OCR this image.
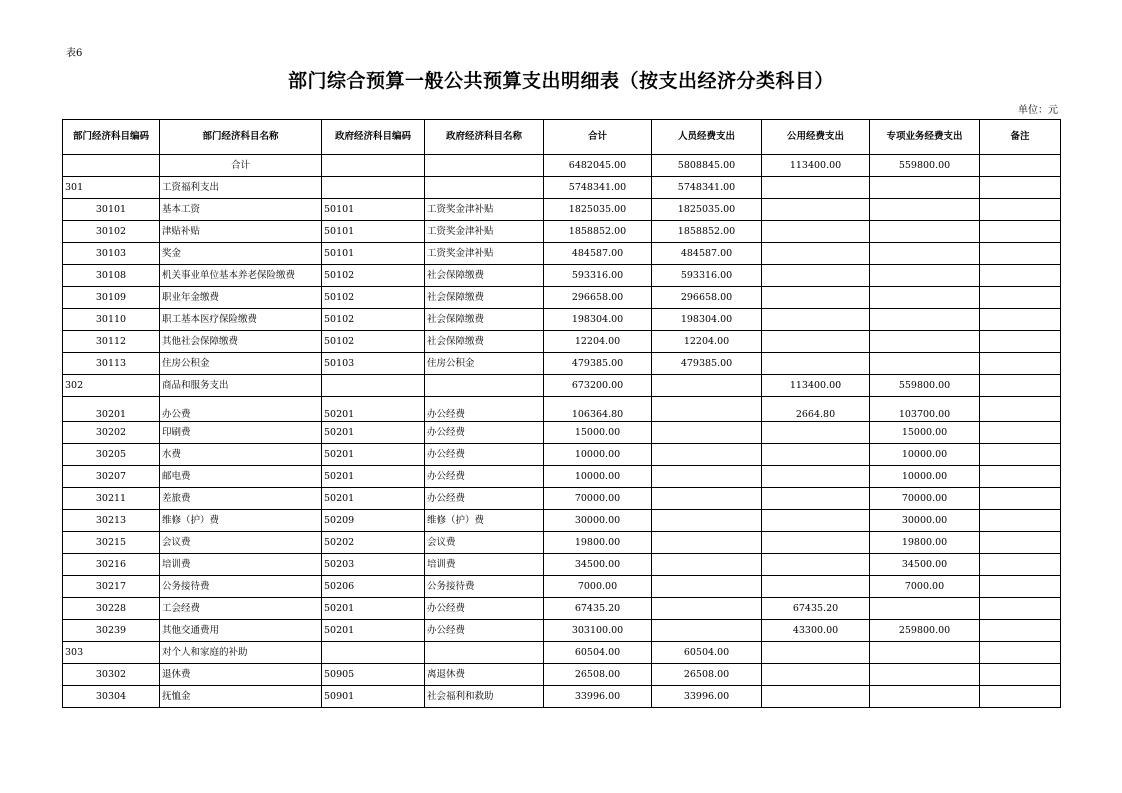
表6
部门综合预算一般公共预算支出明细表（按支出经济分类科目）
单位：元
部门经济科目编码	部门经济科目名称	政府经济科目编码	政府经济科目名称	合计	人员经费支出	公用经费支出	专项业务经费支出	备注
	合计			6482045.00	5808845.00	113400.00	559800.00	
301	工资福利支出			5748341.00	5748341.00			
30101	基本工资	50101	工资奖金津补贴	1825035.00	1825035.00			
30102	津贴补贴	50101	工资奖金津补贴	1858852.00	1858852.00			
30103	奖金	50101	工资奖金津补贴	484587.00	484587.00			
30108	机关事业单位基本养老保险缴费	50102	社会保障缴费	593316.00	593316.00			
30109	职业年金缴费	50102	社会保障缴费	296658.00	296658.00			
30110	职工基本医疗保险缴费	50102	社会保障缴费	198304.00	198304.00			
30112	其他社会保障缴费	50102	社会保障缴费	12204.00	12204.00			
30113	住房公积金	50103	住房公积金	479385.00	479385.00			
302	商品和服务支出			673200.00		113400.00	559800.00	
30201	办公费	50201	办公经费	106364.80		2664.80	103700.00	
30202	印刷费	50201	办公经费	15000.00			15000.00	
30205	水费	50201	办公经费	10000.00			10000.00	
30207	邮电费	50201	办公经费	10000.00			10000.00	
30211	差旅费	50201	办公经费	70000.00			70000.00	
30213	维修（护）费	50209	维修（护）费	30000.00			30000.00	
30215	会议费	50202	会议费	19800.00			19800.00	
30216	培训费	50203	培训费	34500.00			34500.00	
30217	公务接待费	50206	公务接待费	7000.00			7000.00	
30228	工会经费	50201	办公经费	67435.20		67435.20		
30239	其他交通费用	50201	办公经费	303100.00		43300.00	259800.00	
303	对个人和家庭的补助			60504.00	60504.00			
30302	退休费	50905	离退休费	26508.00	26508.00			
30304	抚恤金	50901	社会福利和救助	33996.00	33996.00			
